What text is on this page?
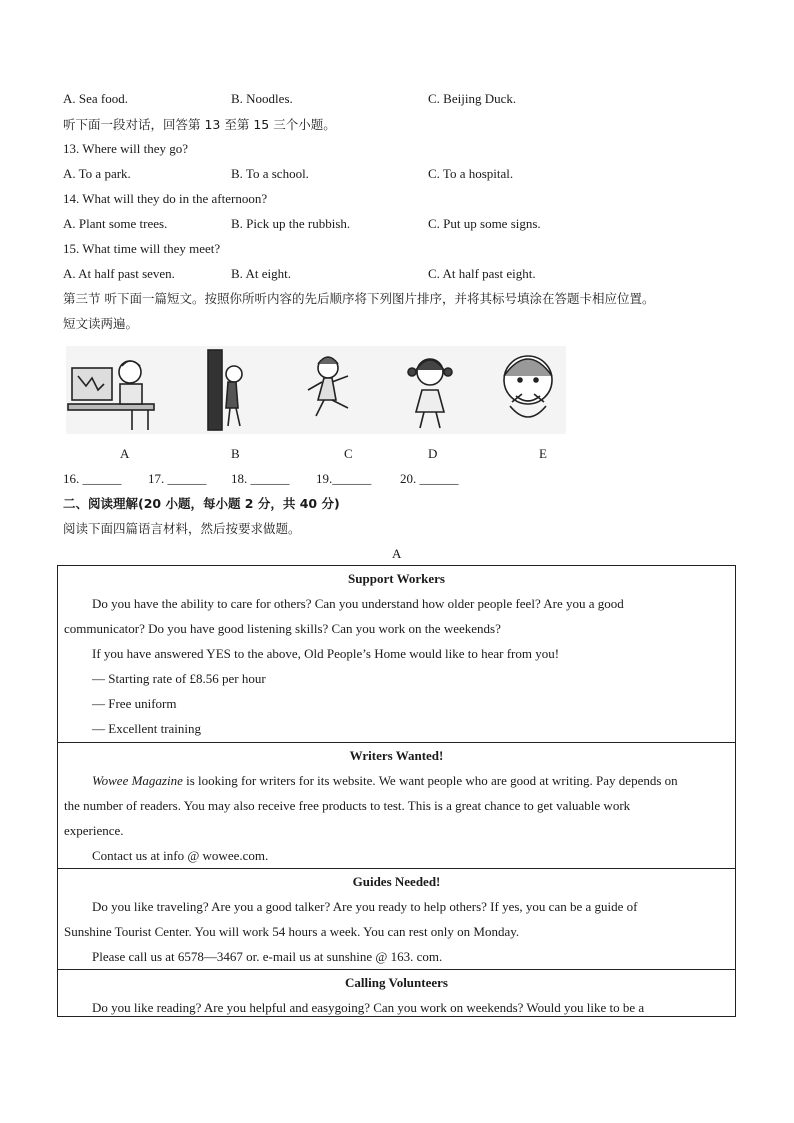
A. Sea food.	B. Noodles.	C. Beijing Duck.
听下面一段对话，回答第 13 至第 15 三个小题。
13. Where will they go?
A. To a park.	B. To a school.	C. To a hospital.
14. What will they do in the afternoon?
A. Plant some trees.	B. Pick up the rubbish.	C. Put up some signs.
15. What time will they meet?
A. At half past seven.	B. At eight.	C. At half past eight.
第三节 听下面一篇短文。按照你所听内容的先后顺序将下列图片排序，并将其标号填涂在答题卡相应位置。
短文读两遍。
A	B	C	D	E
16. ______ 17. ______ 18. ______ 19.______ 20. ______
二、阅读理解(20 小题，每小题 2 分，共 40 分)
阅读下面四篇语言材料，然后按要求做题。
A
Support Workers
Do you have the ability to care for others? Can you understand how older people feel? Are you a good
communicator? Do you have good listening skills? Can you work on the weekends?
If you have answered YES to the above, Old People’s Home would like to hear from you!
— Starting rate of £8.56 per hour
— Free uniform
— Excellent training
Writers Wanted!
Wowee Magazine is looking for writers for its website. We want people who are good at writing. Pay depends on
the number of readers. You may also receive free products to test. This is a great chance to get valuable work
experience.
Contact us at info @ wowee.com.
Guides Needed!
Do you like traveling? Are you a good talker? Are you ready to help others? If yes, you can be a guide of
Sunshine Tourist Center. You will work 54 hours a week. You can rest only on Monday.
Please call us at 6578—3467 or. e-mail us at sunshine @ 163. com.
Calling Volunteers
Do you like reading? Are you helpful and easygoing? Can you work on weekends? Would you like to be a
